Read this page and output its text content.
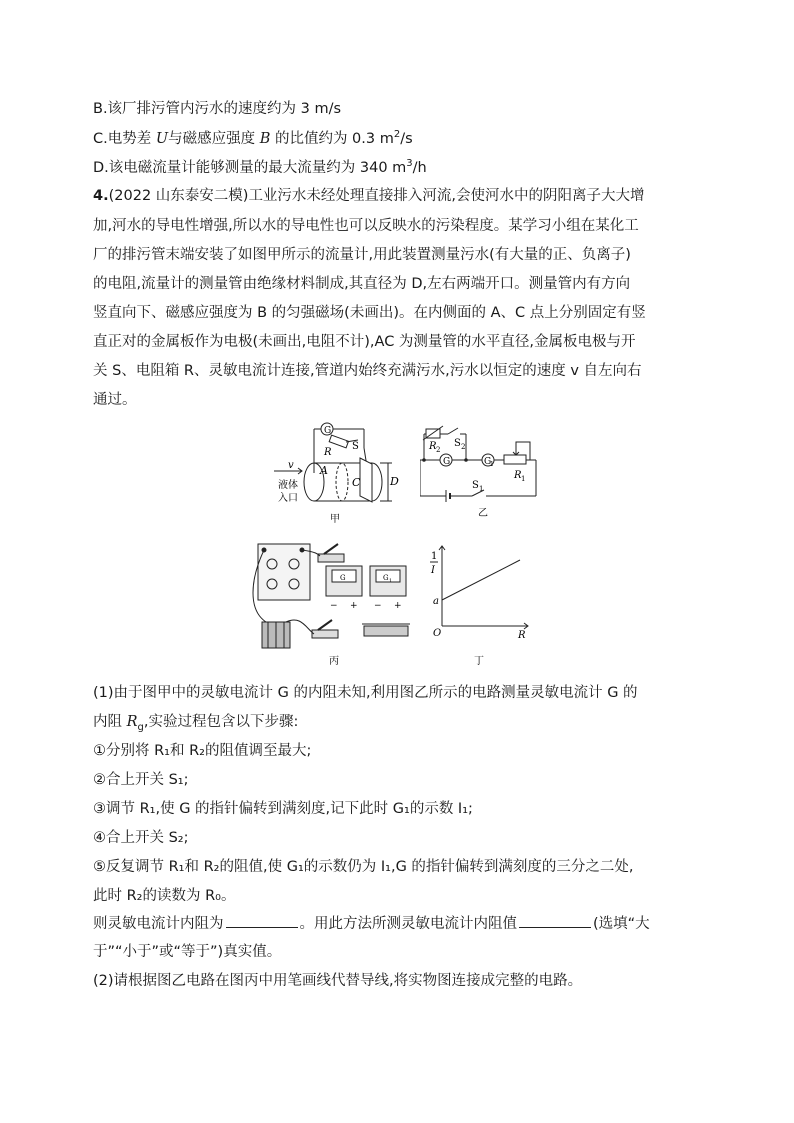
B.该厂排污管内污水的速度约为 3 m/s
C.电势差 U与磁感应强度 B 的比值约为 0.3 $m^2/s$
D.该电磁流量计能够测量的最大流量约为 340 $m^3/h$
4.(2022 山东泰安二模)工业污水未经处理直接排入河流,会使河水中的阴阳离子大大增
加,河水的导电性增强,所以水的导电性也可以反映水的污染程度。某学习小组在某化工
厂的排污管末端安装了如图甲所示的流量计,用此装置测量污水(有大量的正、负离子)
的电阻,流量计的测量管由绝缘材料制成,其直径为 D,左右两端开口。测量管内有方向
竖直向下、磁感应强度为 B 的匀强磁场(未画出)。在内侧面的 A、C 点上分别固定有竖
直正对的金属板作为电极(未画出,电阻不计),AC 为测量管的水平直径,金属板电极与开
关 S、电阻箱 R、灵敏电流计连接,管道内始终充满污水,污水以恒定的速度 v 自左向右
通过。
G
R
S
A
C	D
v
液体
入口
甲
R 2
S 2
G	G
1
R 1
S 1
乙
G	G 1
− + − +
丙
1
I
a
O	R
丁
(1)由于图甲中的灵敏电流计 G 的内阻未知,利用图乙所示的电路测量灵敏电流计 G 的
内阻 $R_g$,实验过程包含以下步骤:
①分别将 R₁和 R₂的阻值调至最大;
②合上开关 S₁;
③调节 R₁,使 G 的指针偏转到满刻度,记下此时 G₁的示数 I₁;
④合上开关 S₂;
⑤反复调节 R₁和 R₂的阻值,使 G₁的示数仍为 I₁,G 的指针偏转到满刻度的三分之二处,
此时 R₂的读数为 R₀。
则灵敏电流计内阻为	。用此方法所测灵敏电流计内阻值	(选填“大
于”“小于”或“等于”)真实值。
(2)请根据图乙电路在图丙中用笔画线代替导线,将实物图连接成完整的电路。
